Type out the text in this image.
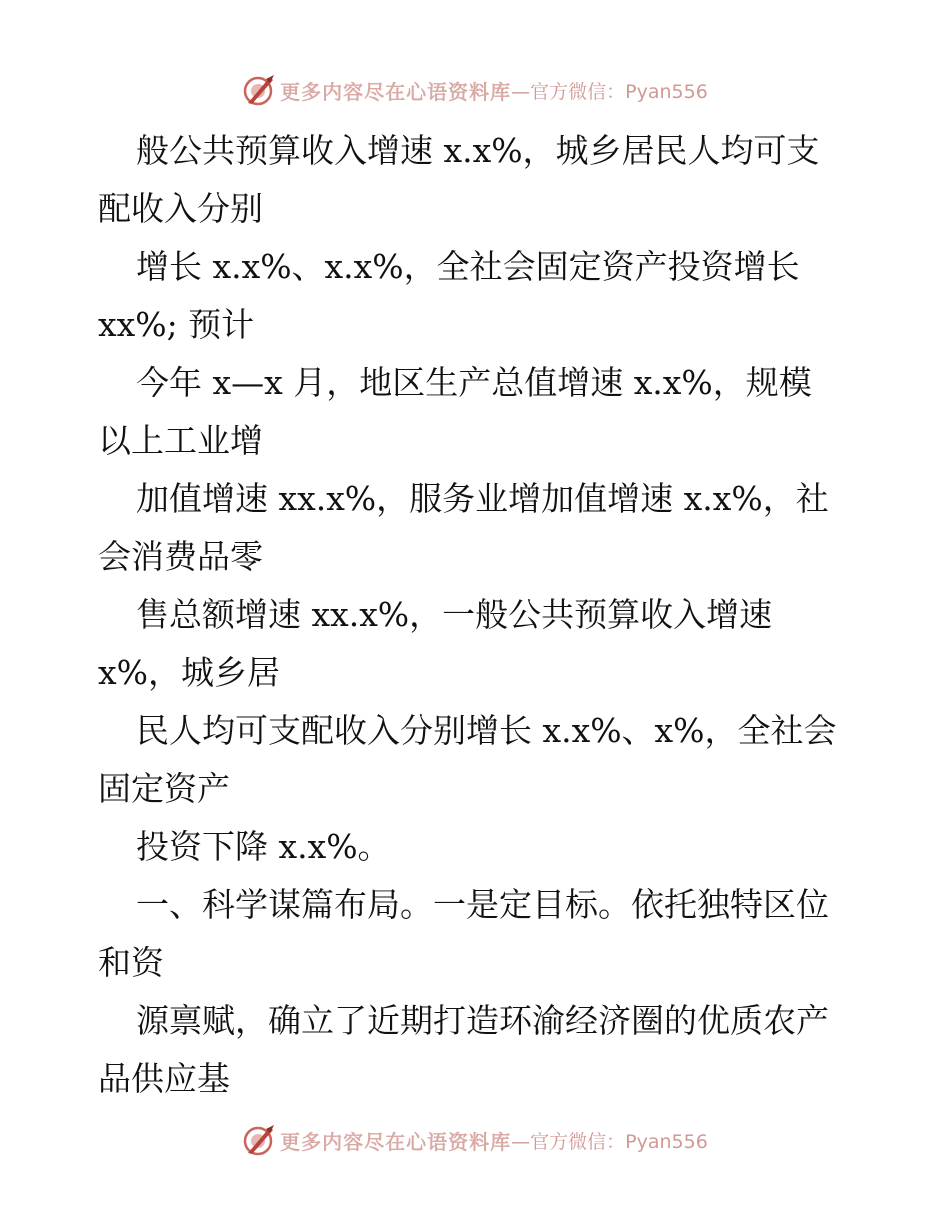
更多内容尽在心语资料库 —官方微信：Pyan556
般公共预算收入增速 x.x%，城乡居民人均可支
配收入分别
增长 x.x%、x.x%，全社会固定资产投资增长
xx%; 预计
今年 x—x 月，地区生产总值增速 x.x%，规模
以上工业增
加值增速 xx.x%，服务业增加值增速 x.x%，社
会消费品零
售总额增速 xx.x%，一般公共预算收入增速
x%，城乡居
民人均可支配收入分别增长 x.x%、x%，全社会
固定资产
投资下降 x.x%。
一、科学谋篇布局。一是定目标。依托独特区位
和资
源禀赋，确立了近期打造环渝经济圈的优质农产
品供应基
更多内容尽在心语资料库 —官方微信：Pyan556
